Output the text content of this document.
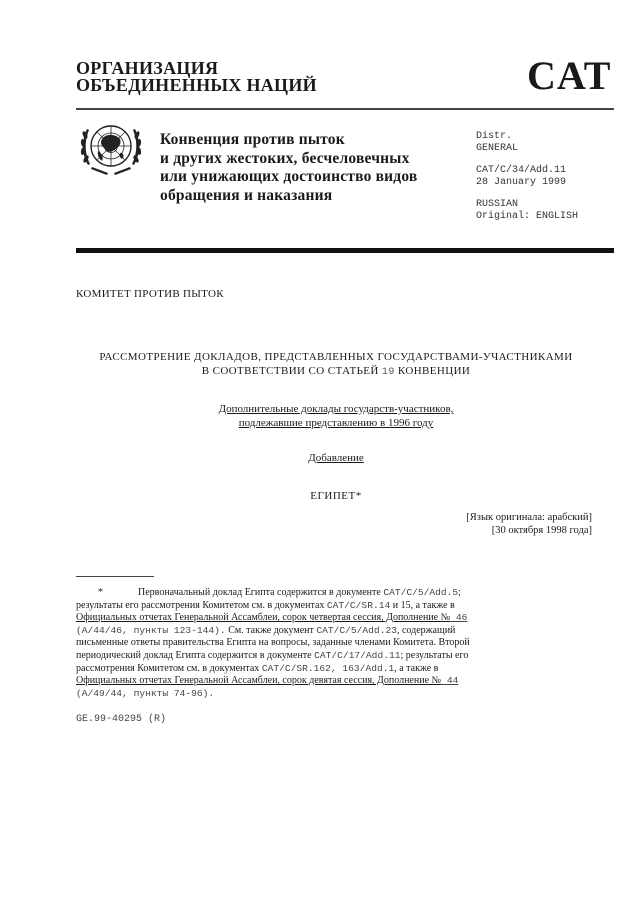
ОРГАНИЗАЦИЯ
ОБЪЕДИНЕННЫХ НАЦИЙ	CAT
Конвенция против пыток
и других жестоких, бесчеловечных
или унижающих достоинство видов
обращения и наказания
Distr.
GENERAL
CAT/C/34/Add.11
28 January 1999
RUSSIAN
Original: ENGLISH
КОМИТЕТ ПРОТИВ ПЫТОК
РАССМОТРЕНИЕ ДОКЛАДОВ, ПРЕДСТАВЛЕННЫХ ГОСУДАРСТВАМИ-УЧАСТНИКАМИ
В СООТВЕТСТВИИ СО СТАТЬЕЙ 19 КОНВЕНЦИИ
Дополнительные доклады государств-участников,
подлежавшие представлению в 1996 году
Добавление
ЕГИПЕТ*
[Язык оригинала: арабский]
[30 октября 1998 года]
*	Первоначальный доклад Египта содержится в документе CAT/C/5/Add.5;
результаты его рассмотрения Комитетом см. в документах CAT/C/SR.14 и 15, а также в
Официальных отчетах Генеральной Ассамблеи, сорок четвертая сессия, Дополнение № 46
(A/44/46, пункты 123-144). См. также документ CAT/C/5/Add.23, содержащий
письменные ответы правительства Египта на вопросы, заданные членами Комитета. Второй
периодический доклад Египта содержится в документе CAT/C/17/Add.11; результаты его
рассмотрения Комитетом см. в документах CAT/C/SR.162, 163/Add.1, а также в
Официальных отчетах Генеральной Ассамблеи, сорок девятая сессия, Дополнение № 44
(A/49/44, пункты 74-96).
GE.99-40295 (R)
